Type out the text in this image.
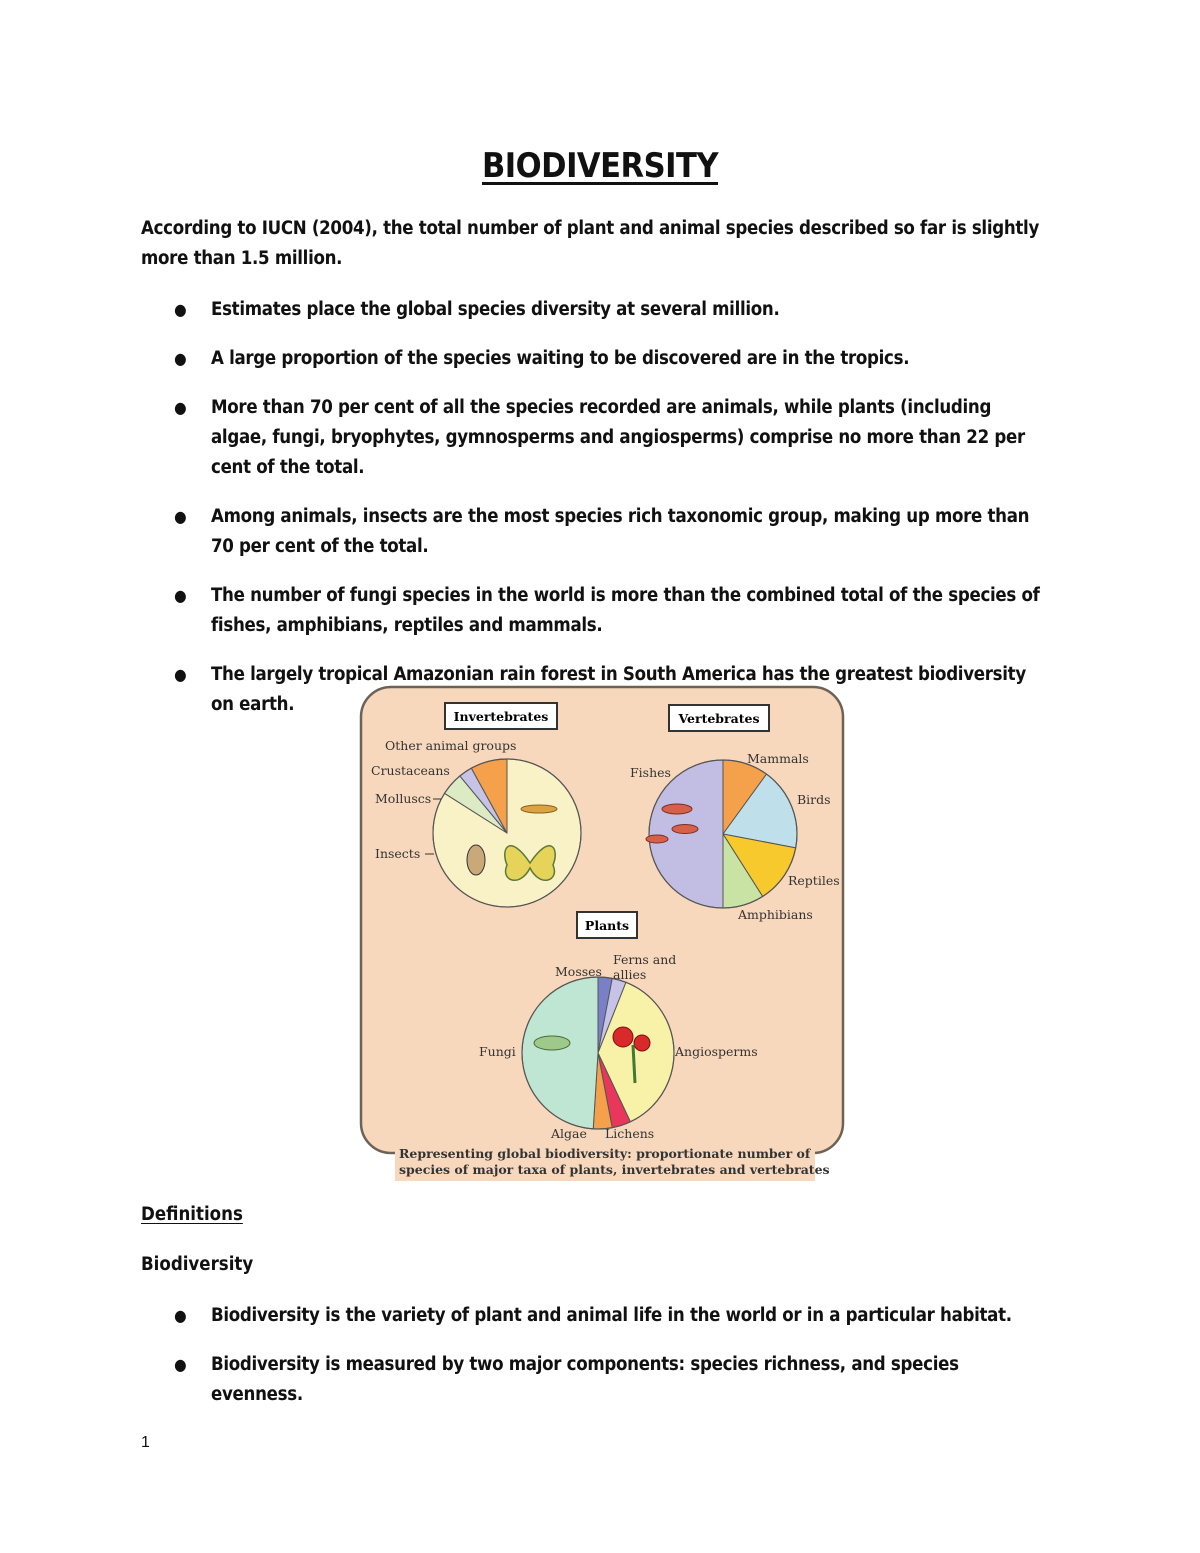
BIODIVERSITY
According to IUCN (2004), the total number of plant and animal species described so far is slightly more than 1.5 million.
● Estimates place the global species diversity at several million.
● A large proportion of the species waiting to be discovered are in the tropics.
● More than 70 per cent of all the species recorded are animals, while plants (including algae, fungi, bryophytes, gymnosperms and angiosperms) comprise no more than 22 per cent of the total.
● Among animals, insects are the most species rich taxonomic group, making up more than 70 per cent of the total.
● The number of fungi species in the world is more than the combined total of the species of fishes, amphibians, reptiles and mammals.
● The largely tropical Amazonian rain forest in South America has the greatest biodiversity on earth.
Invertebrates
Other animal groups
Crustaceans
Molluscs
Insects
Vertebrates
Fishes
Mammals
Birds
Reptiles
Amphibians
Plants
Mosses
Ferns and
allies
Fungi	Angiosperms
Algae Lichens
Representing global biodiversity: proportionate number of
species of major taxa of plants, invertebrates and vertebrates
Definitions
Biodiversity
● Biodiversity is the variety of plant and animal life in the world or in a particular habitat.
● Biodiversity is measured by two major components: species richness, and species evenness.
1
